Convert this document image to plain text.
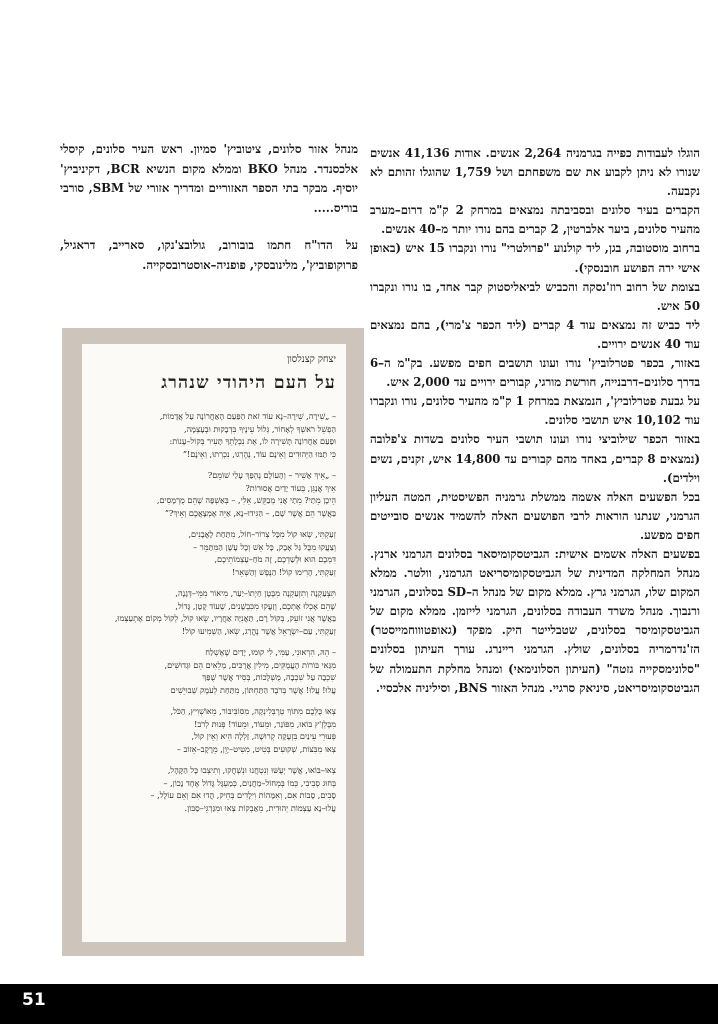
הוגלו לעבודות כפייה בגרמניה 2,264 אנשים. אודות 41,136 אנשים שנורו לא ניתן לקבוע את שם משפחתם ושל 1,759 שהוגלו זהותם לא נקבעה.

הקברים בעיר סלונים ובסביבתה נמצאים במרחק 2 ק"מ דרום–מערב מהעיר סלונים, ביער אלברטין, 2 קברים בהם נורו יותר מ–40 אנשים.

ברחוב מוסטובה, בגן, ליד קולנוע "פרולטרי" נורו ונקברו 15 איש (באופן אישי ירה הפושע חובנסקי).

בצומת של רחוב רוז'נסקה והכביש לביאליסטוק קבר אחד, בו נורו ונקברו 50 איש.

ליד כביש זה נמצאים עוד 4 קברים (ליד הכפר צ'מרי), בהם נמצאים עוד 40 אנשים ירויים.

באזור, בכפר פטרלוביץ' נורו ועונו תושבים חפים מפשע. בק"מ ה–6 בדרך סלונים–דרבנייה, חורשת מורגי, קבורים ירויים עד 2,000 איש.

על גבעת פטרלוביץ', הנמצאת במרחק 1 ק"מ מהעיר סלונים, נורו ונקברו עוד 10,102 איש תושבי סלונים.

באזור הכפר שילוביצי נורו ועונו תושבי העיר סלונים בשדות צ'פלובה (נמצאים 8 קברים, באחד מהם קבורים עד 14,800 איש, זקנים, נשים וילדים).

בכל הפשעים האלה אשמה ממשלת גרמניה הפשיסטית, המטה העליון הגרמני, שנתנו הוראות לרבי הפושעים האלה להשמיד אנשים סובייטים חפים מפשע.

בפשעים האלה אשמים אישית: הגביטסקומיסאר בסלונים הגרמני ארנץ. מנהל המחלקה המדינית של הגביטסקומיסריאט הגרמני, וולטר. ממלא המקום שלו, הגרמני גרץ. ממלא מקום של מנהל ה–SD בסלונים, הגרמני ורנבוך. מנהל משרד העבודה בסלונים, הגרמני לייזמן. ממלא מקום של הגביטסקומיסר בסלונים, שטבלייטר היק. מפקד (גאופטוווחמייסטר) הז'נדרמריה בסלונים, שולץ. הגרמני ריינרג. עורך העיתון בסלונים "סלונימסקייה גזטה" (העיתון הסלונימאי) ומנהל מחלקת התעמולה של הגביטסקומיסריאט, סיניאק סרגיי. מנהל האזור BNS, וסיליניה אלכסיי.

מנהל אזור סלונים, ציטוביץ' סמיון. ראש העיר סלונים, קיסלי אלכסנדר. מנהל BKO וממלא מקום הנשיא BCR, דקיניביץ' יוסיף. מבקר בתי הספר האזוריים ומדריך אזורי של SBM, סורבי בוריס.....

על הדו"ח חתמו בובורוב, גולובצ'נקו, סארייב, דראגיל, פרוקופוביץ', מלינובסקי, פופניה–אוסטרובסקייה.

יצחק קצנלסון
על העם היהודי שנהרג
– „שִׁירָה, שִׁירָה–נָא עוֹד זֹאת הַפַּעַם הָאַחֲרוֹנָה עַל אֲדָמוֹת,
הַפְשֵׁל רֹאשְׁךָ לְאָחוֹר, גְּלוֹל עֵינֶיךָ בִּדְבָקוּת וּבְעָצְמָה,
וּפַעַם אַחֲרוֹנָה תָּשִׁירָה לוֹ, אֶת נִבְלָתְךָ תָּעִיר בְּקוֹל–עָנוֹת:
כִּי תַמּוּ הַיְּהוּדִים וְאֵינָם עוֹד, נֶהֶרְגוּ, נִכְרְתוּ, וְאֵינָם!”
– „אֵיךְ אָשִׁיר – וְהָעוֹלָם נֶהְפַּךְ עָלַי שׁוֹמֵם?
אֵיךְ אֲנַגֵּן, בְּעוֹד יָדַיִם אֲסוּרוֹת?
הֵיכָן מֵתַי? מֵתַי אֲנִי מְבַקֵּשׁ, אֵלִי, – בְּאַשְׁפָּה שֶׁהֵם מֻרְמָסִים,
בַּאֲשֶׁר הֵם אֲשֶׁר שָׁם, – הַגִּידוּ–נָא, אַיֵּה אֶמְצָאֲכֶם וְאֵיךְ?”
זְעַקְתִּי, שְׂאוּ קוֹל מִכָּל צְרוֹר–חוֹל, מִתַּחַת לָאֲבָנִים,
וְצַעֲקוּ מִכָּל גַּל אָבָק, כָּל אֵשׁ וְכָל עָשָׁן הַמִּתַּמֵּר –
דִּמְכֶם הוּא וּלְשַׁדְכֶם, זֶה מֹחַ–עַצְמוֹתֵיכֶם,
זְעַקְתִּי, הָרִימוּ קוֹל! הַנֶּפֶשׁ וְהַשְּׁאֵר!
תִּצְעַקְנָה וְתִזְעַקְנָה מִבֶּטֶן חַיְתוֹ–יַעַר, מִיאוֹר מִמֵּי–דְּגָנָה,
שֶׁהֵם אָכְלוּ אֶתְכֶם, וְזַעֲקוּ מִכִּבְשָׁנִים, שֶׁעוֹד קָטָן, גָּדוֹל,
בַּאֲשֶׁר אֲנִי זוֹעֵק, בְּקוֹל רָם, תַּאֲנִיָּה אַחֲרָיו, שְׂאוּ קוֹל, לְקוֹל מְקוֹם אֶתְעַצְּמוּ,
זְעַקְתִּי, עַם–יִשְׂרָאֵל אֲשֶׁר נֶהֱרַג, שְׂאוּ, הַשְׁמִיעוּ קוֹל!
– הֵהּ, הִרְאוּנִי, עַמִּי, לִי קוּמוּ, יָדַיִם שֶׁאֶשְׁלַח
מִגַּאי בּוֹרוֹת הָעֲמֻקִּים, מִילִין אֲרֻכִּים, מְלֵאִים הֵם וּגְדוּשִׁים,
שִׁכְבָה עַל שִׁכְבָה, מֻשְׁלָכוֹת, בְּסִיד אֲשֶׁר שֻׁפַּךְ
עֲלוּ! עֲלוּ! אֲשֶׁר בְּרֹבֶד הַתַּחְתּוֹן, מִתַּחַת לְעֹמֶק שְׁבוּיֵשִׁים
צְאוּ כֻּלְּכֶם מִתּוֹךְ טְרֶבְּלִינְקָה, מִסּוֹבִּיבּוֹר, מֵאוֹשְׁוִיץ, הַכֹּל,
מִבֶּלְזֶ'ץ בּוֹאוּ, מִפּוֹנַר, וּמֵעוֹד, וּמֵעוֹד! פְּנוּת לְרֹב!
פְּעוּרֵי עֵינַיִם בִּזְעָקָה קְרוּשָׁה, זַלְלָה הִיא וְאֵין קוֹל,
צְאוּ מִבִּצּוֹת, שְׁקוּעִים בְּטִיט, מִטִּיט–יָוֵן, מֵרָקָב–אֵזוֹב –
צְאוּ–בּוֹאוּ, אֲשֶׁר יְעֻשּׁוּ וְנִטְחֲנוּ וּנְשְׁחֲקוּ, וְתִיצְבוּ כָּל הַקָּהָל,
בְּחוּג סְבִיבִי, כְּמוֹ בְּמְחוֹל–מַחֲנַיִם, כְּמַעְגָּל גָּדוֹל אֶחָד נָכוֹן, –
סָבִים, סָבוֹת אִם, וְאִמָּהוֹת וִילָדִים בְּחֵיק, הֲדוּ אִם וְאֵם עוֹלָל, –
עֲלוּ–נָא עַצְמוֹת יְהוּדִית, מֵאַבְקוֹת צְאוּ וּמִגַּרְגֵּי–סַבּוֹן.
51
